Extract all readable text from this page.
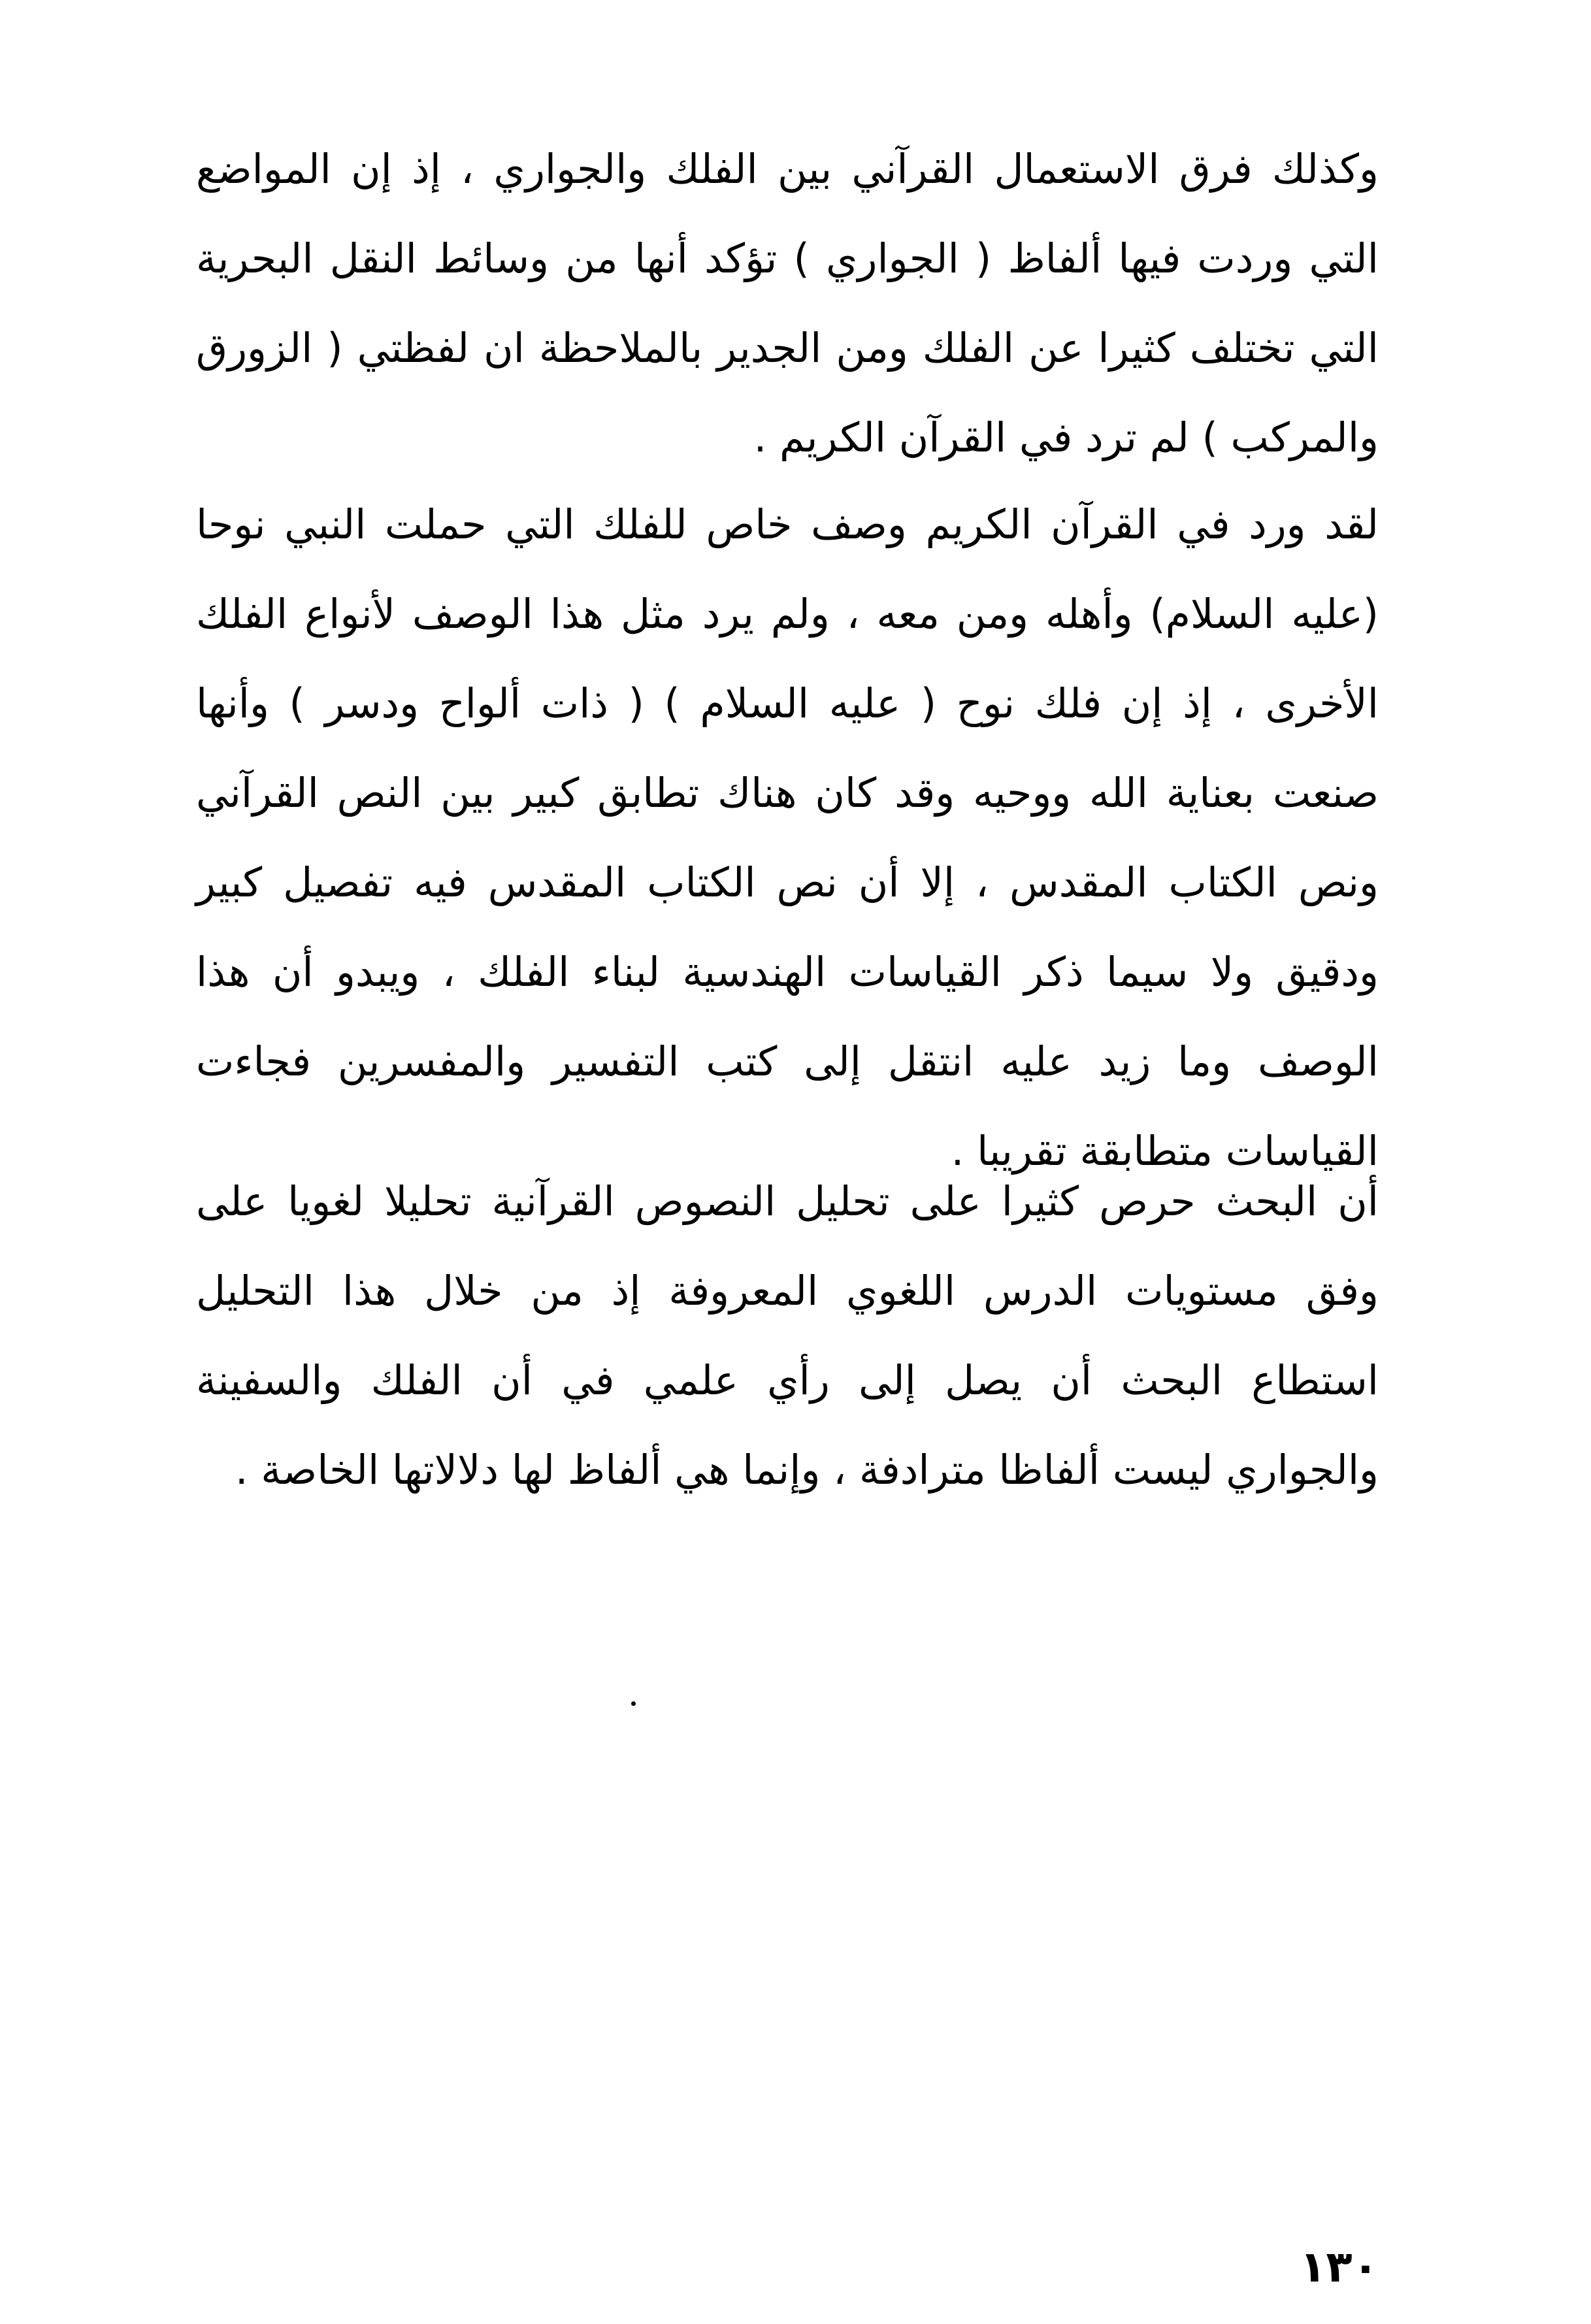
وكذلك فرق الاستعمال القرآني بين الفلك والجواري ، إذ إن المواضع التي وردت فيها ألفاظ ( الجواري ) تؤكد أنها من وسائط النقل البحرية التي تختلف كثيرا عن الفلك ومن الجدير بالملاحظة ان لفظتي ( الزورق والمركب ) لم ترد في القرآن الكريم .

لقد ورد في القرآن الكريم وصف خاص للفلك التي حملت النبي نوحا (عليه السلام) وأهله ومن معه ، ولم يرد مثل هذا الوصف لأنواع الفلك الأخرى ، إذ إن فلك نوح ( عليه السلام ) ( ذات ألواح ودسر ) وأنها صنعت بعناية الله ووحيه وقد كان هناك تطابق كبير بين النص القرآني ونص الكتاب المقدس ، إلا أن نص الكتاب المقدس فيه تفصيل كبير ودقيق ولا سيما ذكر القياسات الهندسية لبناء الفلك ، ويبدو أن هذا الوصف وما زيد عليه انتقل إلى كتب التفسير والمفسرين فجاءت القياسات متطابقة تقريبا .

أن البحث حرص كثيرا على تحليل النصوص القرآنية تحليلا لغويا على وفق مستويات الدرس اللغوي المعروفة إذ من خلال هذا التحليل استطاع البحث أن يصل إلى رأي علمي في أن الفلك والسفينة والجواري ليست ألفاظا مترادفة ، وإنما هي ألفاظ لها دلالاتها الخاصة .

١٣٠
